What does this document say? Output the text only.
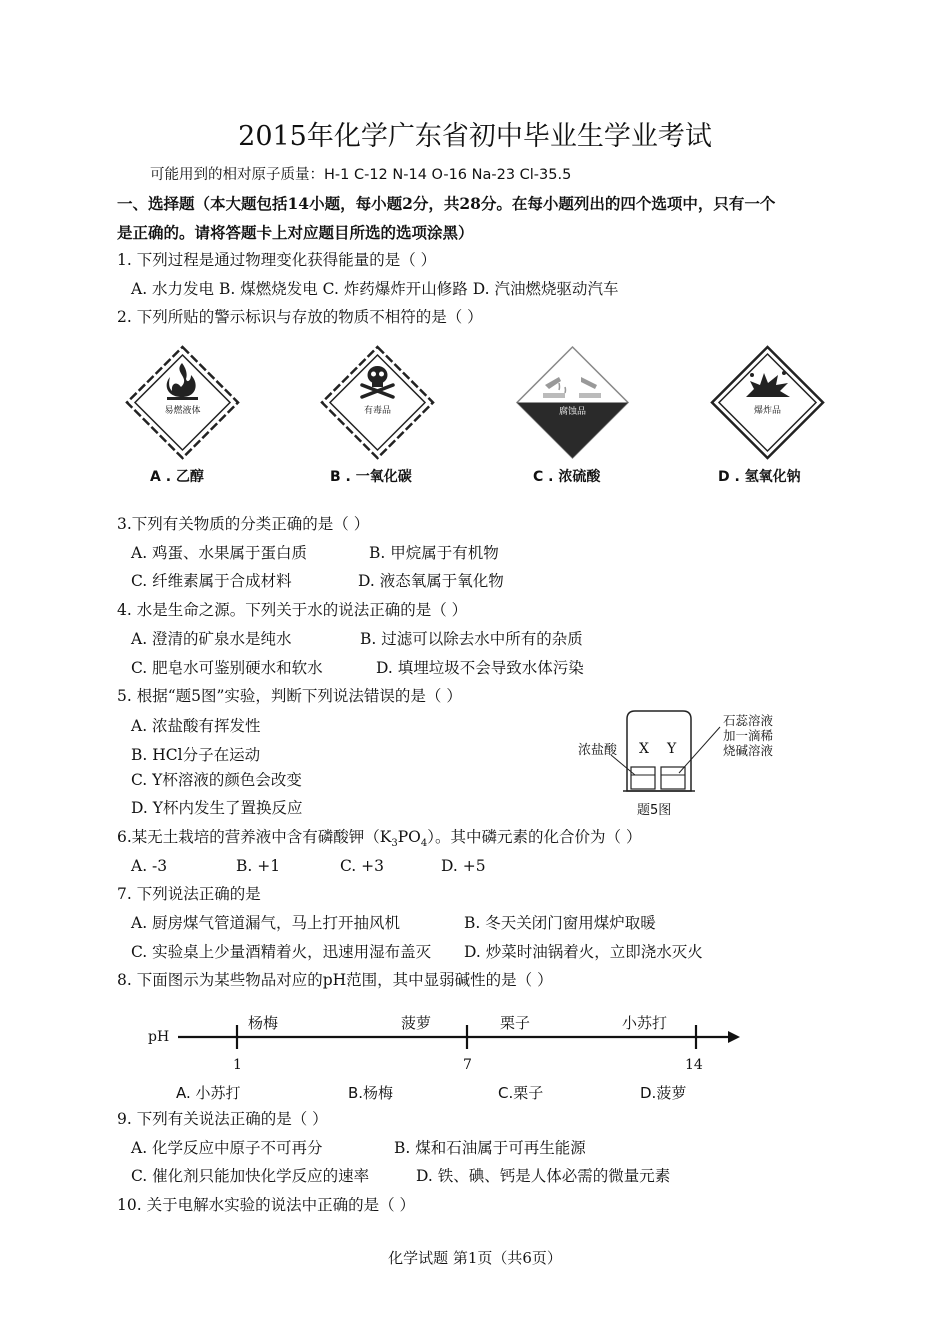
2015年化学广东省初中毕业生学业考试
可能用到的相对原子质量：H-1 C-12 N-14 O-16 Na-23 Cl-35.5
一、选择题（本大题包括14小题，每小题2分，共28分。在每小题列出的四个选项中，只有一个
是正确的。请将答题卡上对应题目所选的选项涂黑）
1. 下列过程是通过物理变化获得能量的是（ ）
A. 水力发电 B. 煤燃烧发电 C. 炸药爆炸开山修路 D. 汽油燃烧驱动汽车
2. 下列所贴的警示标识与存放的物质不相符的是（ ）
易燃液体
A . 乙醇
有毒品
B . 一氧化碳
腐蚀品
C . 浓硫酸
爆炸品
D . 氢氧化钠
3.下列有关物质的分类正确的是（ ）
A. 鸡蛋、水果属于蛋白质	B. 甲烷属于有机物
C. 纤维素属于合成材料	D. 液态氧属于氧化物
4. 水是生命之源。下列关于水的说法正确的是（ ）
A. 澄清的矿泉水是纯水	B. 过滤可以除去水中所有的杂质
C. 肥皂水可鉴别硬水和软水	D. 填埋垃圾不会导致水体污染
5. 根据“题5图”实验，判断下列说法错误的是（ ）
A. 浓盐酸有挥发性
B. HCl分子在运动
C. Y杯溶液的颜色会改变
D. Y杯内发生了置换反应
浓盐酸 X Y
石蕊溶液
加一滴稀
烧碱溶液
题5图
6.某无土栽培的营养液中含有磷酸钾$(K_3PO_4)$。其中磷元素的化合价为（ ）
A. -3	B. +1	C. +3	D. +5
7. 下列说法正确的是
A. 厨房煤气管道漏气，马上打开抽风机	B. 冬天关闭门窗用煤炉取暖
C. 实验桌上少量酒精着火，迅速用湿布盖灭 D. 炒菜时油锅着火，立即浇水灭火
8. 下面图示为某些物品对应的pH范围，其中显弱碱性的是（ ）
pH
杨梅	菠萝	栗子	小苏打
1	7	14
A. 小苏打	B.杨梅	C.栗子	D.菠萝
9. 下列有关说法正确的是（ ）
A. 化学反应中原子不可再分	B. 煤和石油属于可再生能源
C. 催化剂只能加快化学反应的速率	D. 铁、碘、钙是人体必需的微量元素
10. 关于电解水实验的说法中正确的是（ ）
化学试题 第1页（共6页）
